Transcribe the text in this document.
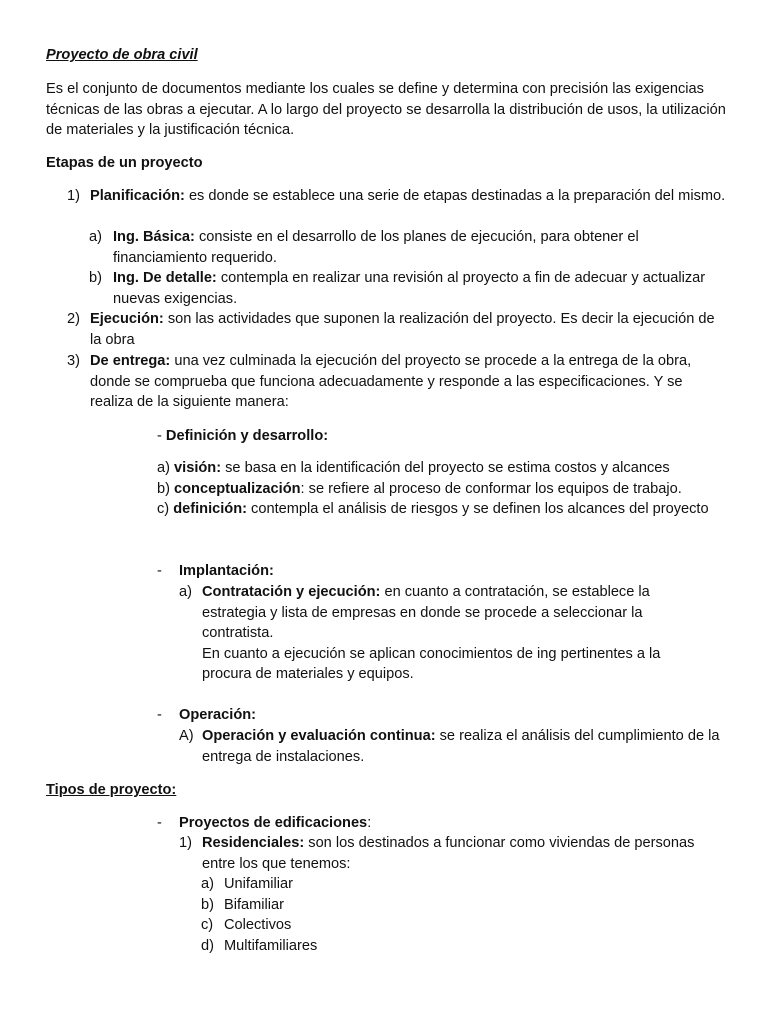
Proyecto de obra civil

Es el conjunto de documentos mediante los cuales se define y determina con precisión las exigencias técnicas de las obras a ejecutar. A lo largo del proyecto se desarrolla la distribución de usos, la utilización de materiales y la justificación técnica.

Etapas de un proyecto

1) Planificación: es donde se establece una serie de etapas destinadas a la preparación del mismo.

a) Ing. Básica: consiste en el desarrollo de los planes de ejecución, para obtener el financiamiento requerido.

b) Ing. De detalle: contempla en realizar una revisión al proyecto a fin de adecuar y actualizar nuevas exigencias.

2) Ejecución: son las actividades que suponen la realización del proyecto. Es decir la ejecución de la obra

3) De entrega: una vez culminada la ejecución del proyecto se procede a la entrega de la obra, donde se comprueba que funciona adecuadamente y responde a las especificaciones. Y se realiza de la siguiente manera:

- Definición y desarrollo:

a) visión: se basa en la identificación del proyecto se estima costos y alcances

b) conceptualización: se refiere al proceso de conformar los equipos de trabajo.

c) definición: contempla el análisis de riesgos y se definen los alcances del proyecto

- Implantación:

a) Contratación y ejecución: en cuanto a contratación, se establece la estrategia y lista de empresas en donde se procede a seleccionar la contratista.

En cuanto a ejecución se aplican conocimientos de ing pertinentes a la procura de materiales y equipos.

- Operación:

A) Operación y evaluación continua: se realiza el análisis del cumplimiento de la entrega de instalaciones.

Tipos de proyecto:

- Proyectos de edificaciones:

1) Residenciales: son los destinados a funcionar como viviendas de personas entre los que tenemos:

a) Unifamiliar

b) Bifamiliar

c) Colectivos

d) Multifamiliares
